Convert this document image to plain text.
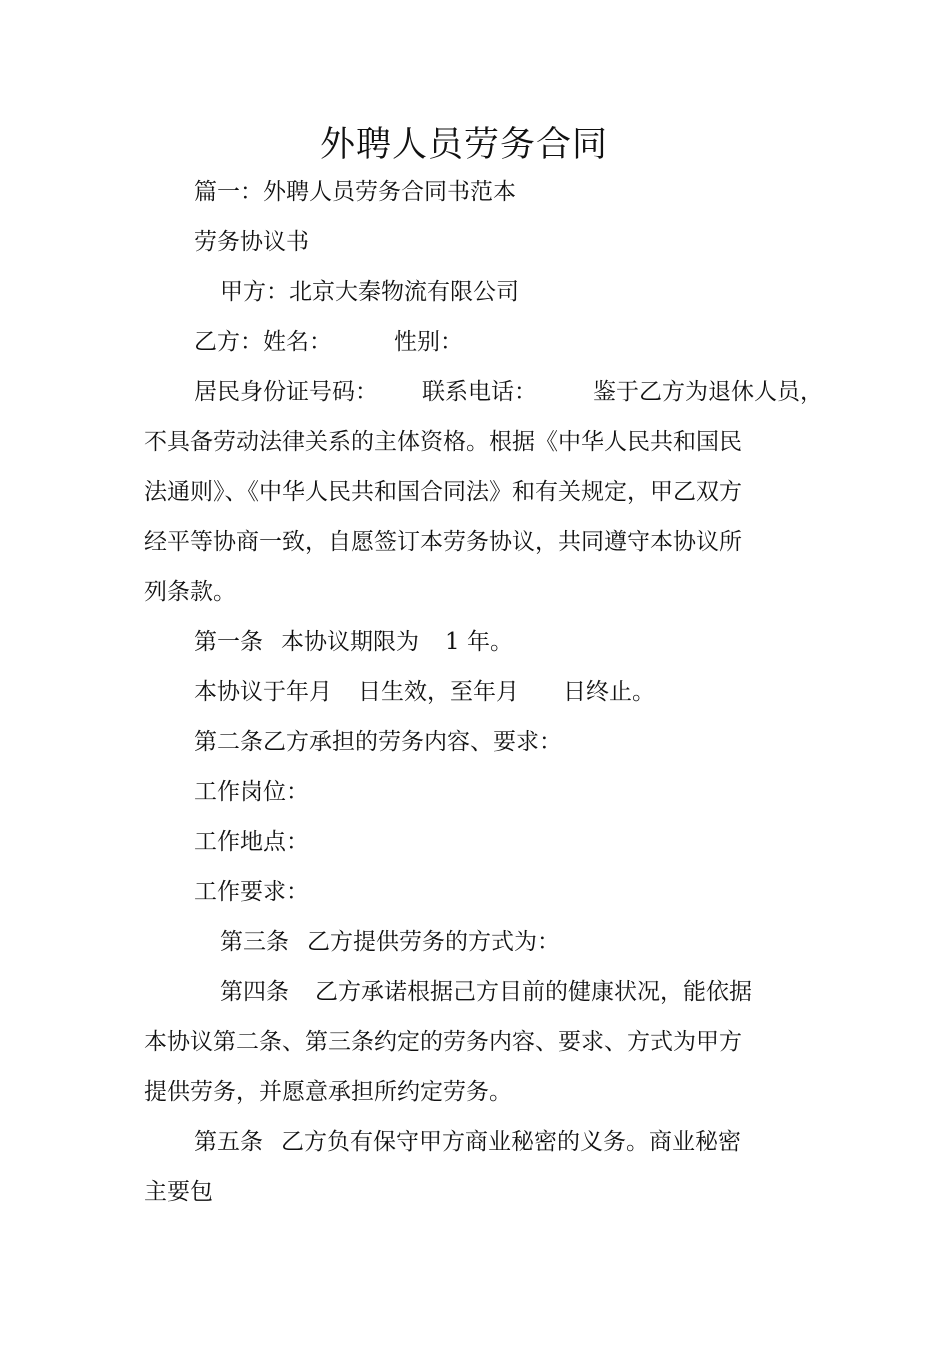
外聘人员劳务合同
篇一：外聘人员劳务合同书范本
劳务协议书
甲方：北京大秦物流有限公司
乙方：姓名：	性别：
居民身份证号码： 联系电话： 鉴于乙方为退休人员，
不具备劳动法律关系的主体资格。根据《中华人民共和国民
法通则》、《中华人民共和国合同法》和有关规定，甲乙双方
经平等协商一致，自愿签订本劳务协议，共同遵守本协议所
列条款。
第一条 本协议期限为 1 年。
本协议于年月 日生效，至年月 日终止。
第二条乙方承担的劳务内容、要求：
工作岗位：
工作地点：
工作要求：
第三条 乙方提供劳务的方式为：
第四条 乙方承诺根据己方目前的健康状况，能依据
本协议第二条、第三条约定的劳务内容、要求、方式为甲方
提供劳务，并愿意承担所约定劳务。
第五条 乙方负有保守甲方商业秘密的义务。商业秘密
主要包
